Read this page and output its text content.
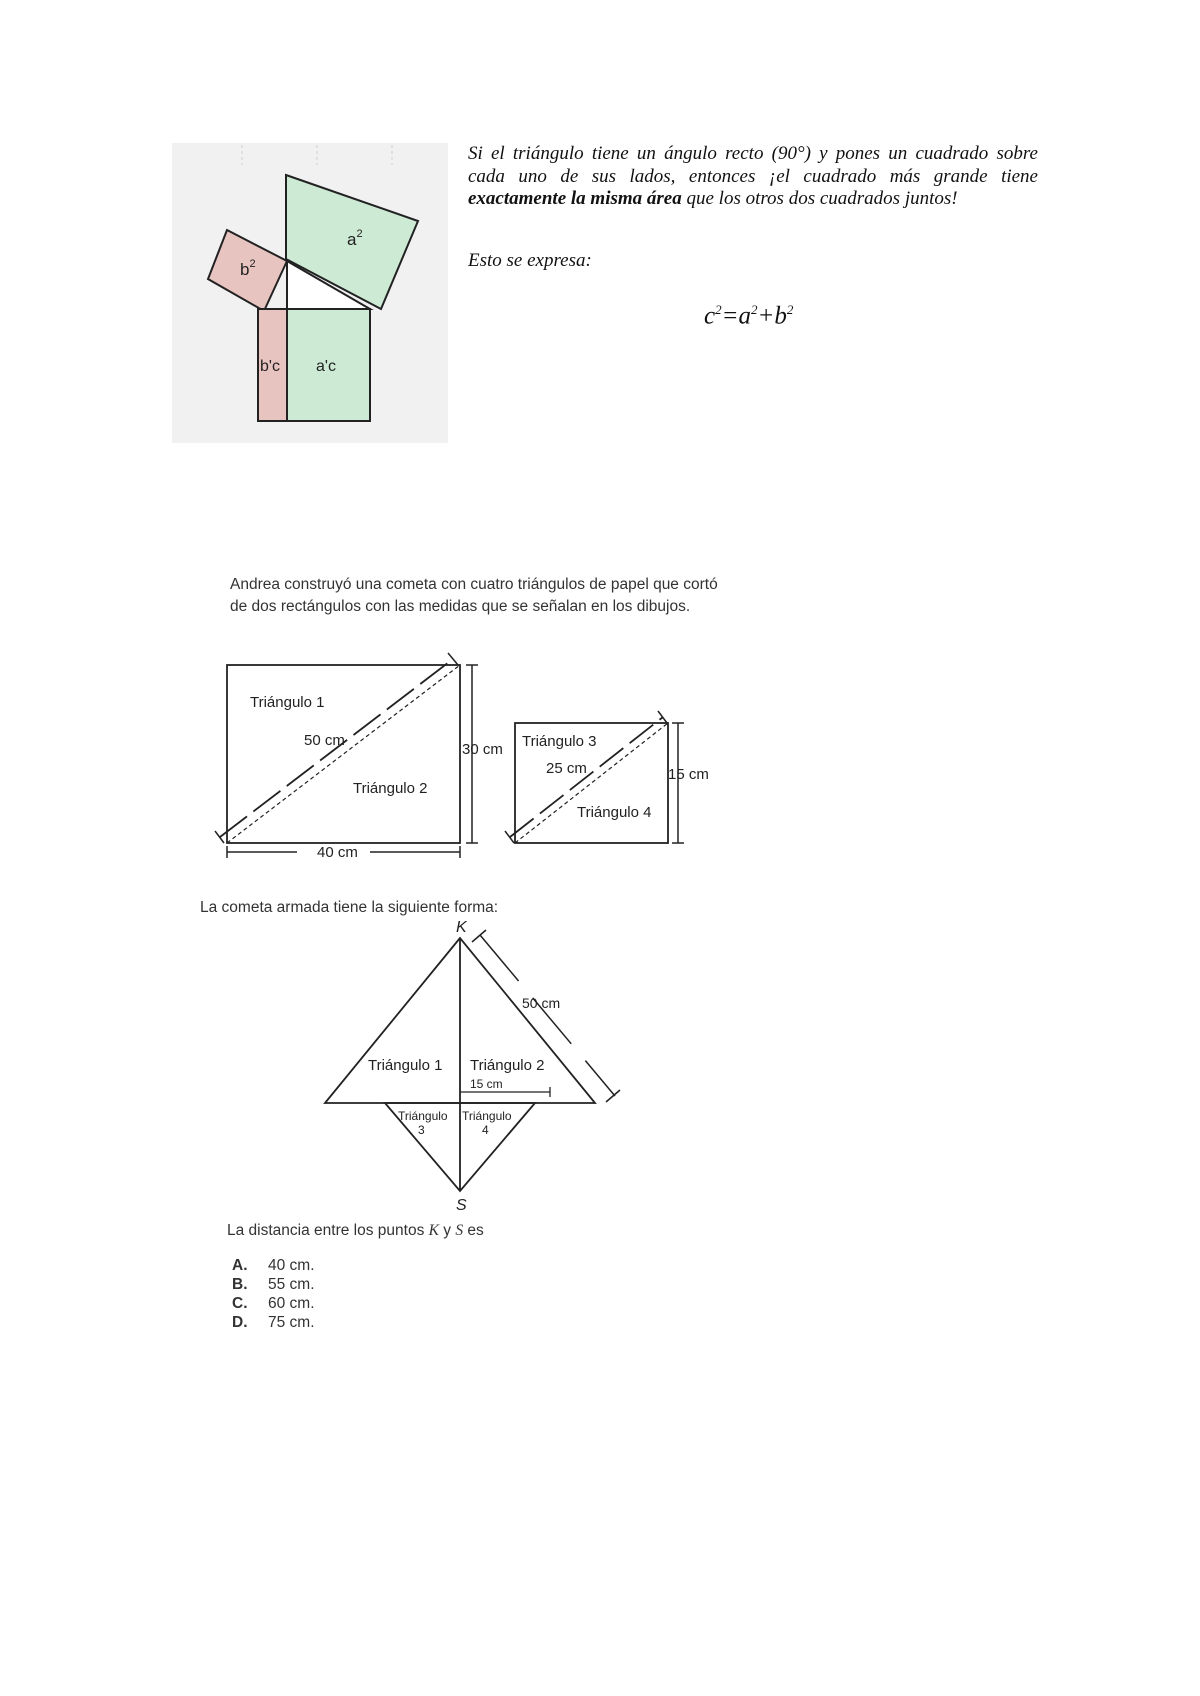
$a^2$
$b^2$
b'c a'c
Si el triángulo tiene un ángulo recto (90°) y pones un cuadrado sobre cada uno de sus lados, entonces ¡el cuadrado más grande tiene exactamente la misma área que los otros dos cuadrados juntos!
Esto se expresa:
$c^2=a^2+b^2$
Andrea construyó una cometa con cuatro triángulos de papel que cortó
de dos rectángulos con las medidas que se señalan en los dibujos.
Triángulo 1
50 cm
Triángulo 2
30 cm
40 cm
Triángulo 3
25 cm
Triángulo 4
15 cm
La cometa armada tiene la siguiente forma:
K
S
50 cm
Triángulo 1 Triángulo 2
15 cm
Triángulo
3
Triángulo
4
La distancia entre los puntos K y S es
A. 40 cm.
B. 55 cm.
C. 60 cm.
D. 75 cm.
